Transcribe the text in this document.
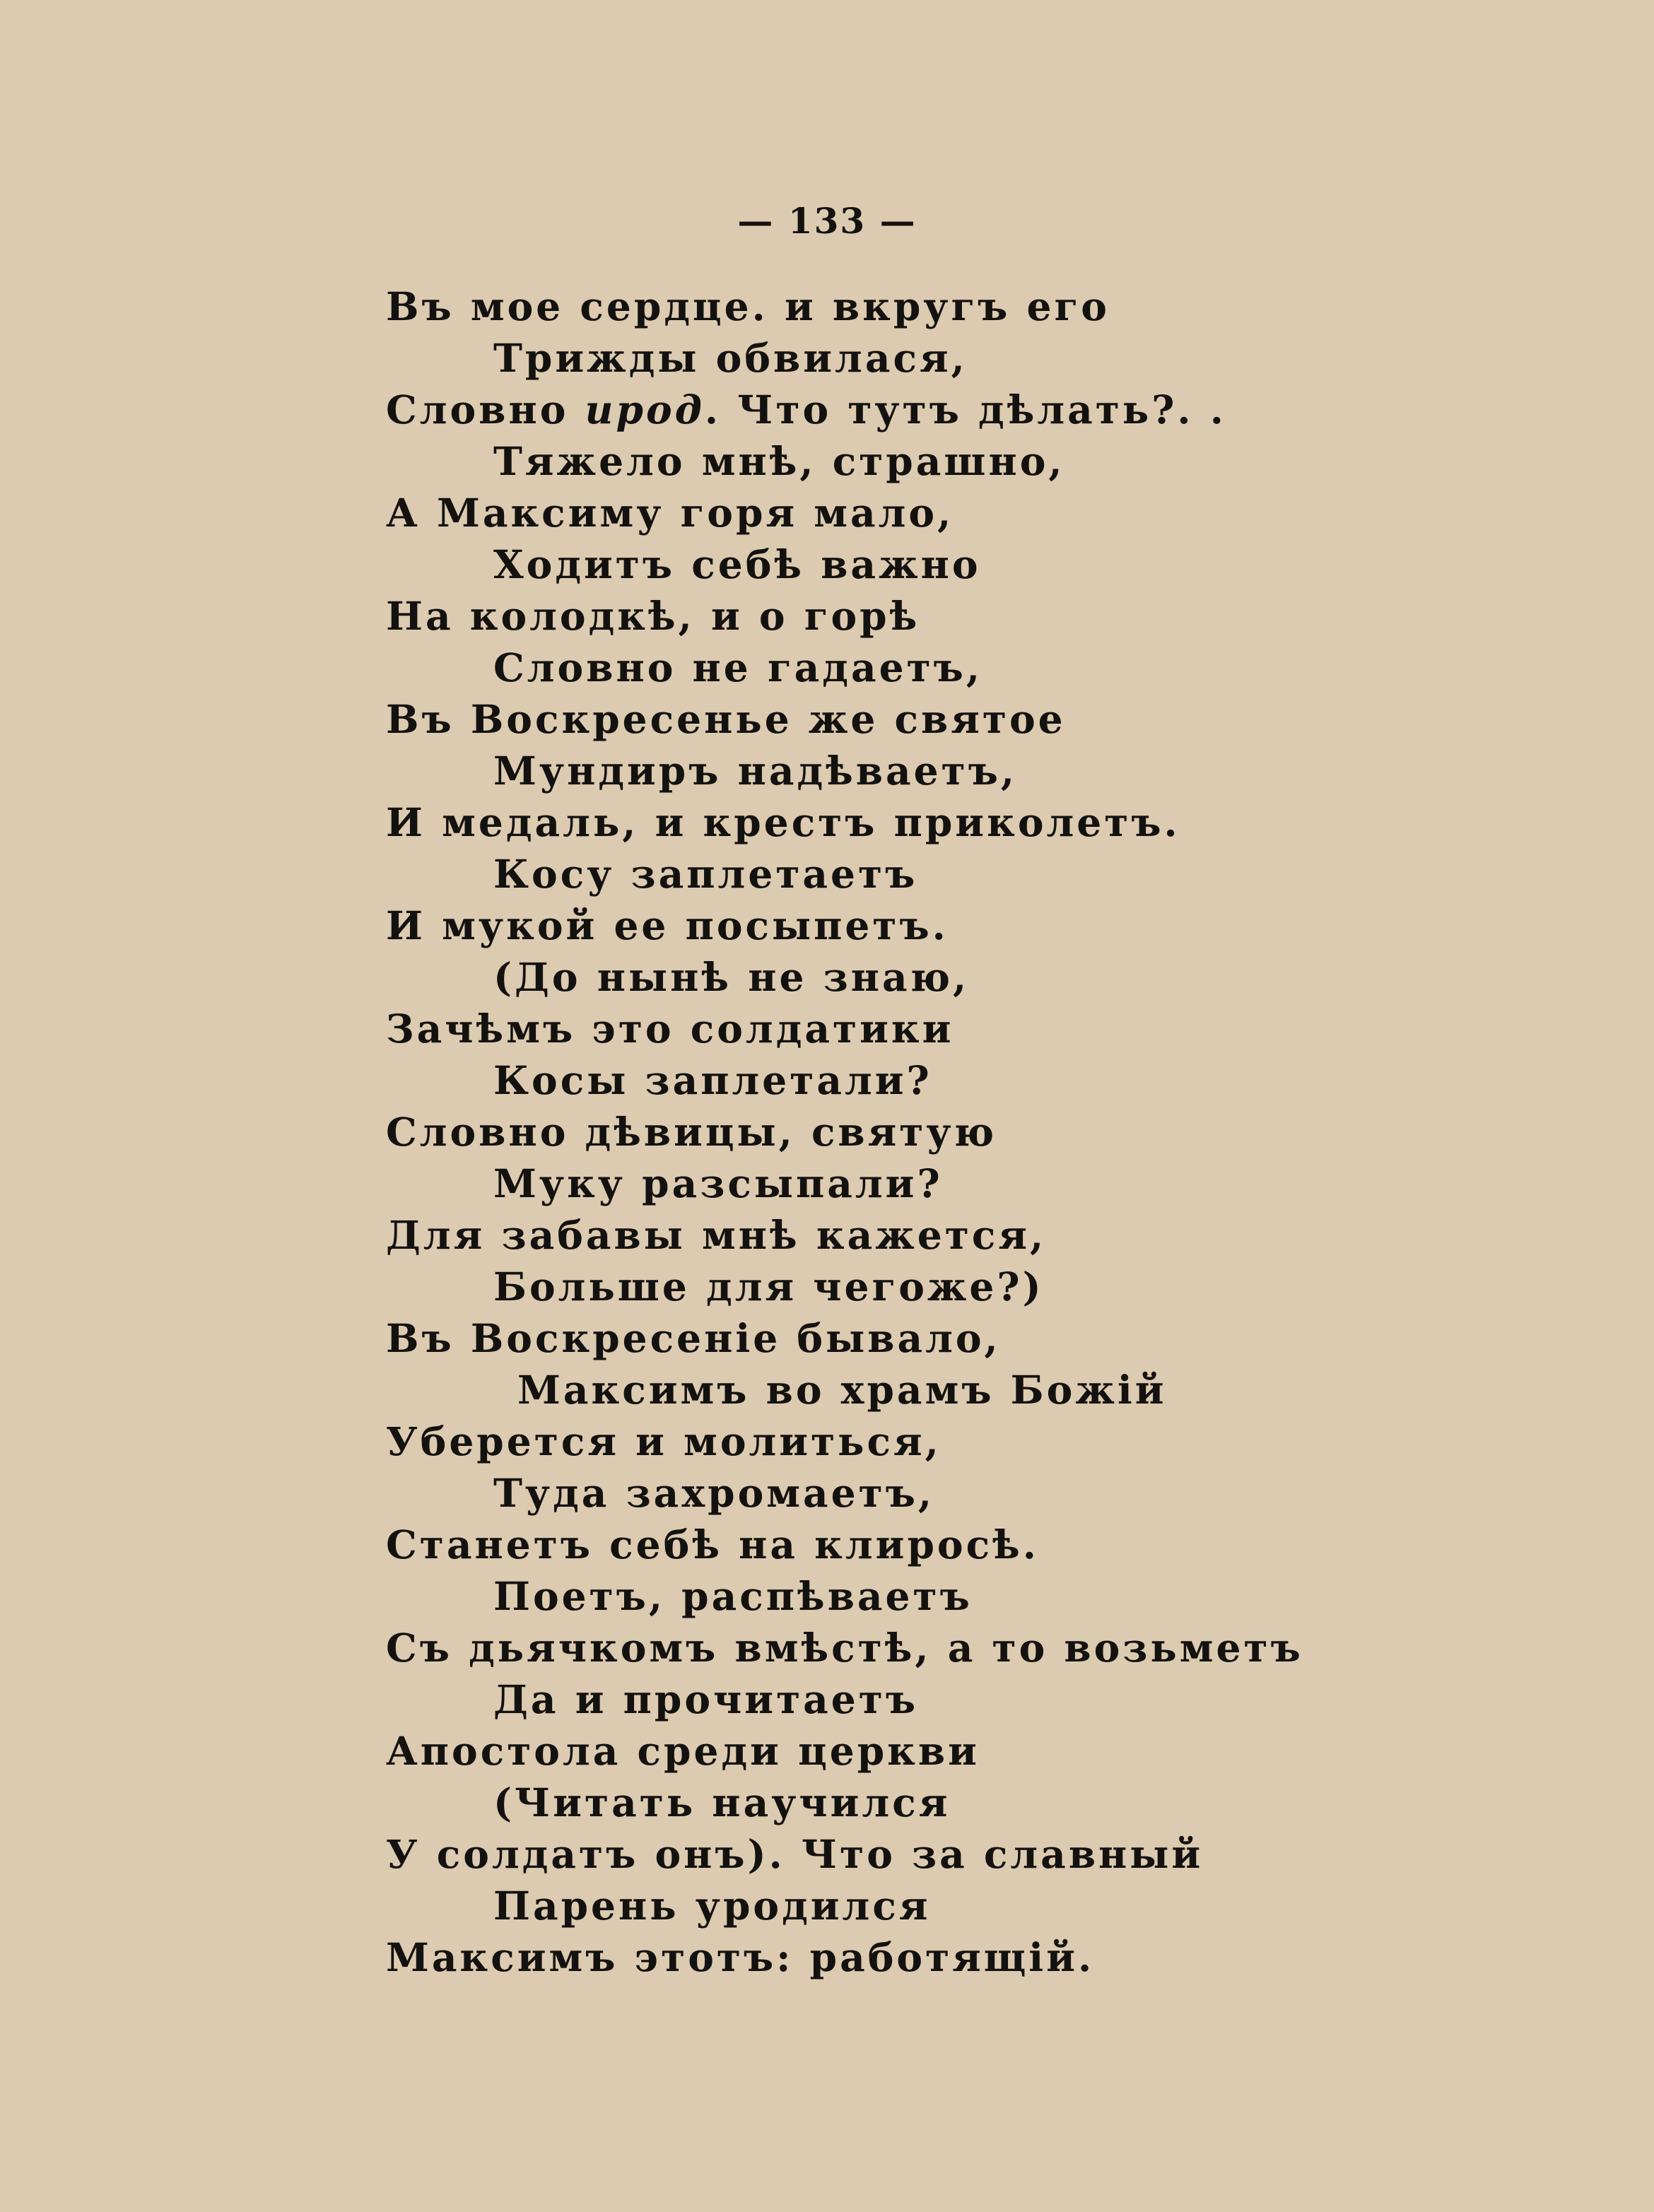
— 133 —
Въ мое сердце. и вкругъ его
Трижды обвилася,
Словно ирод. Что тутъ дѣлать?. .
Тяжело мнѣ, страшно,
А Максиму горя мало,
Ходитъ себѣ важно
На колодкѣ, и о горѣ
Словно не гадаетъ,
Въ Воскресенье же святое
Мундиръ надѣваетъ,
И медаль, и крестъ приколетъ.
Косу заплетаетъ
И мукой ее посыпетъ.
(До нынѣ не знаю,
Зачѣмъ это солдатики
Косы заплетали?
Словно дѣвицы, святую
Муку разсыпали?
Для забавы мнѣ кажется,
Больше для чегоже?)
Въ Воскресеніе бывало,
Максимъ во храмъ Божій
Уберется и молиться,
Туда захромаетъ,
Станетъ себѣ на клиросѣ.
Поетъ, распѣваетъ
Съ дьячкомъ вмѣстѣ, а то возьметъ
Да и прочитаетъ
Апостола среди церкви
(Читать научился
У солдатъ онъ). Что за славный
Парень уродился
Максимъ этотъ: работящій.
